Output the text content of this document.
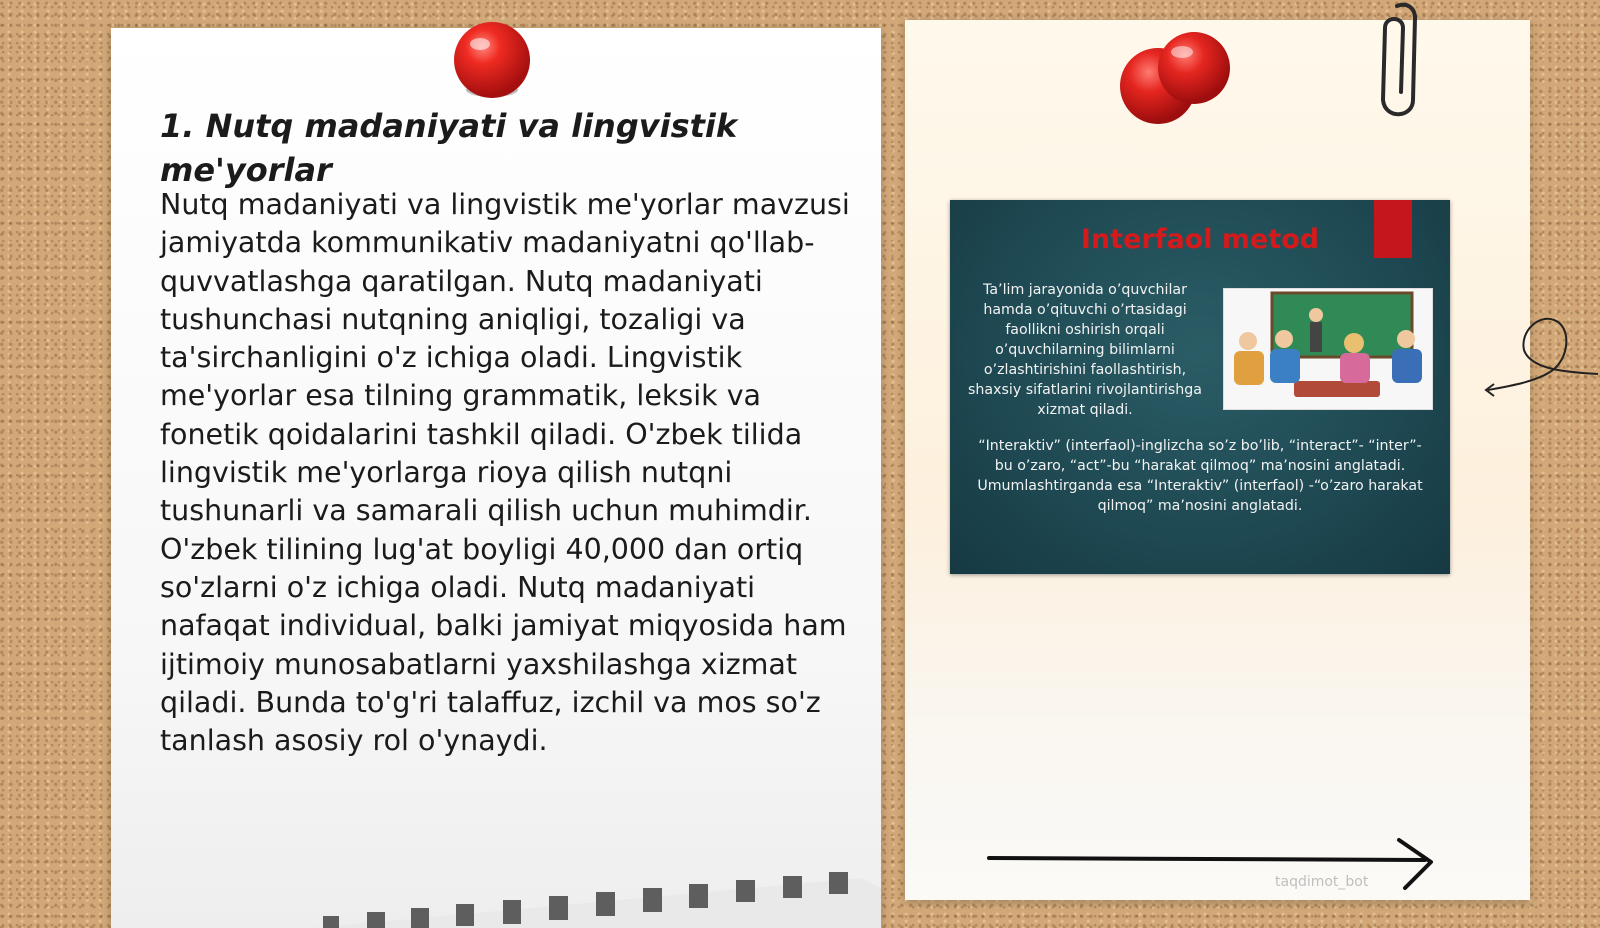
1. Nutq madaniyati va lingvistik me'yorlar

Nutq madaniyati va lingvistik me'yorlar mavzusi jamiyatda kommunikativ madaniyatni qo'llab-quvvatlashga qaratilgan. Nutq madaniyati tushunchasi nutqning aniqligi, tozaligi va ta'sirchanligini o'z ichiga oladi. Lingvistik me'yorlar esa tilning grammatik, leksik va fonetik qoidalarini tashkil qiladi. O'zbek tilida lingvistik me'yorlarga rioya qilish nutqni tushunarli va samarali qilish uchun muhimdir. O'zbek tilining lug'at boyligi 40,000 dan ortiq so'zlarni o'z ichiga oladi. Nutq madaniyati nafaqat individual, balki jamiyat miqyosida ham ijtimoiy munosabatlarni yaxshilashga xizmat qiladi. Bunda to'g'ri talaffuz, izchil va mos so'z tanlash asosiy rol o'ynaydi.

Interfaol metod

Ta’lim jarayonida o’quvchilar hamda o’qituvchi o’rtasidagi faollikni oshirish orqali o’quvchilarning bilimlarni o’zlashtirishini faollashtirish, shaxsiy sifatlarini rivojlantirishga xizmat qiladi.

“Interaktiv” (interfaol)-inglizcha so’z bo’lib, “interact”- “inter”-bu o’zaro, “act”-bu “harakat qilmoq” ma’nosini anglatadi. Umumlashtirganda esa “Interaktiv” (interfaol) -“o’zaro harakat qilmoq” ma’nosini anglatadi.

taqdimot_bot
